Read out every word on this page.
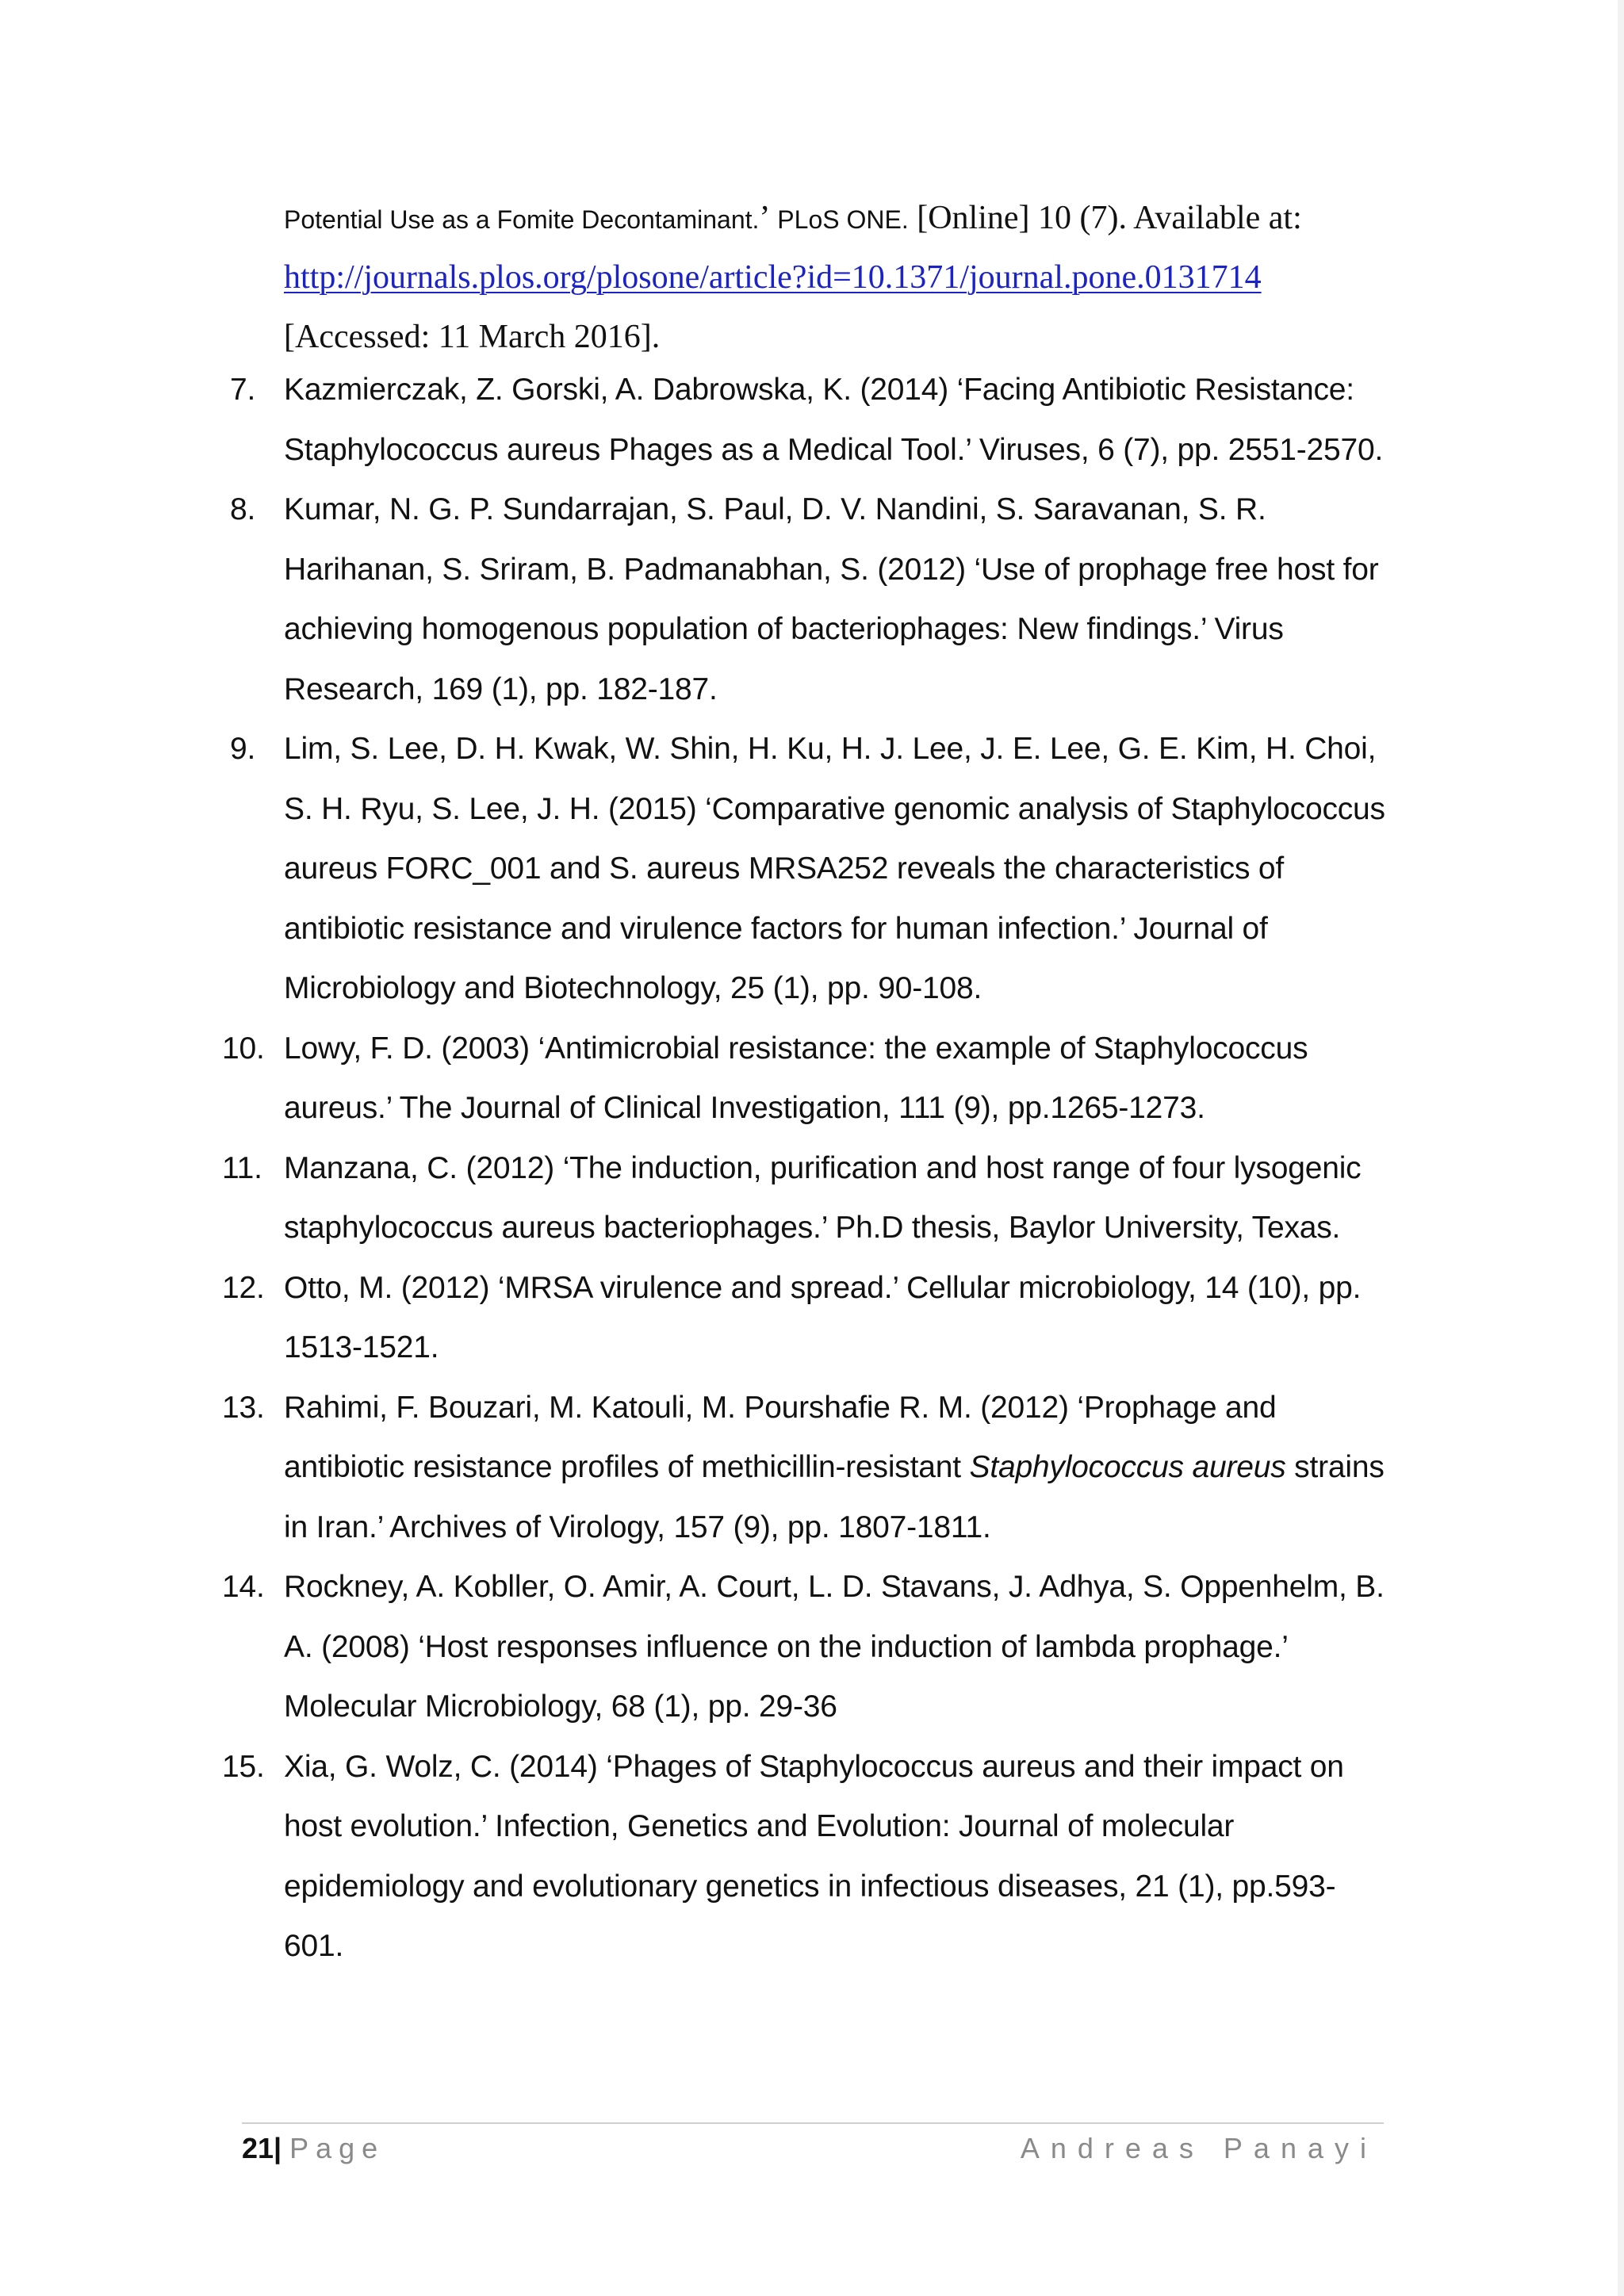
Potential Use as a Fomite Decontaminant.’ PLoS ONE. [Online] 10 (7). Available at:
http://journals.plos.org/plosone/article?id=10.1371/journal.pone.0131714
[Accessed: 11 March 2016].
7. Kazmierczak, Z. Gorski, A. Dabrowska, K. (2014) ‘Facing Antibiotic Resistance: Staphylococcus aureus Phages as a Medical Tool.’ Viruses, 6 (7), pp. 2551-2570.
8. Kumar, N. G. P. Sundarrajan, S. Paul, D. V. Nandini, S. Saravanan, S. R. Harihanan, S. Sriram, B. Padmanabhan, S. (2012) ‘Use of prophage free host for achieving homogenous population of bacteriophages: New findings.’ Virus Research, 169 (1), pp. 182-187.
9. Lim, S. Lee, D. H. Kwak, W. Shin, H. Ku, H. J. Lee, J. E. Lee, G. E. Kim, H. Choi, S. H. Ryu, S. Lee, J. H. (2015) ‘Comparative genomic analysis of Staphylococcus aureus FORC_001 and S. aureus MRSA252 reveals the characteristics of antibiotic resistance and virulence factors for human infection.’ Journal of Microbiology and Biotechnology, 25 (1), pp. 90-108.
10. Lowy, F. D. (2003) ‘Antimicrobial resistance: the example of Staphylococcus aureus.’ The Journal of Clinical Investigation, 111 (9), pp.1265-1273.
11. Manzana, C. (2012) ‘The induction, purification and host range of four lysogenic staphylococcus aureus bacteriophages.’ Ph.D thesis, Baylor University, Texas.
12. Otto, M. (2012) ‘MRSA virulence and spread.’ Cellular microbiology, 14 (10), pp. 1513-1521.
13. Rahimi, F. Bouzari, M. Katouli, M. Pourshafie R. M. (2012) ‘Prophage and antibiotic resistance profiles of methicillin-resistant Staphylococcus aureus strains in Iran.’ Archives of Virology, 157 (9), pp. 1807-1811.
14. Rockney, A. Kobller, O. Amir, A. Court, L. D. Stavans, J. Adhya, S. Oppenhelm, B. A. (2008) ‘Host responses influence on the induction of lambda prophage.’ Molecular Microbiology, 68 (1), pp. 29-36
15. Xia, G. Wolz, C. (2014) ‘Phages of Staphylococcus aureus and their impact on host evolution.’ Infection, Genetics and Evolution: Journal of molecular epidemiology and evolutionary genetics in infectious diseases, 21 (1), pp.593-601.
21| Page	Andreas Panayi
